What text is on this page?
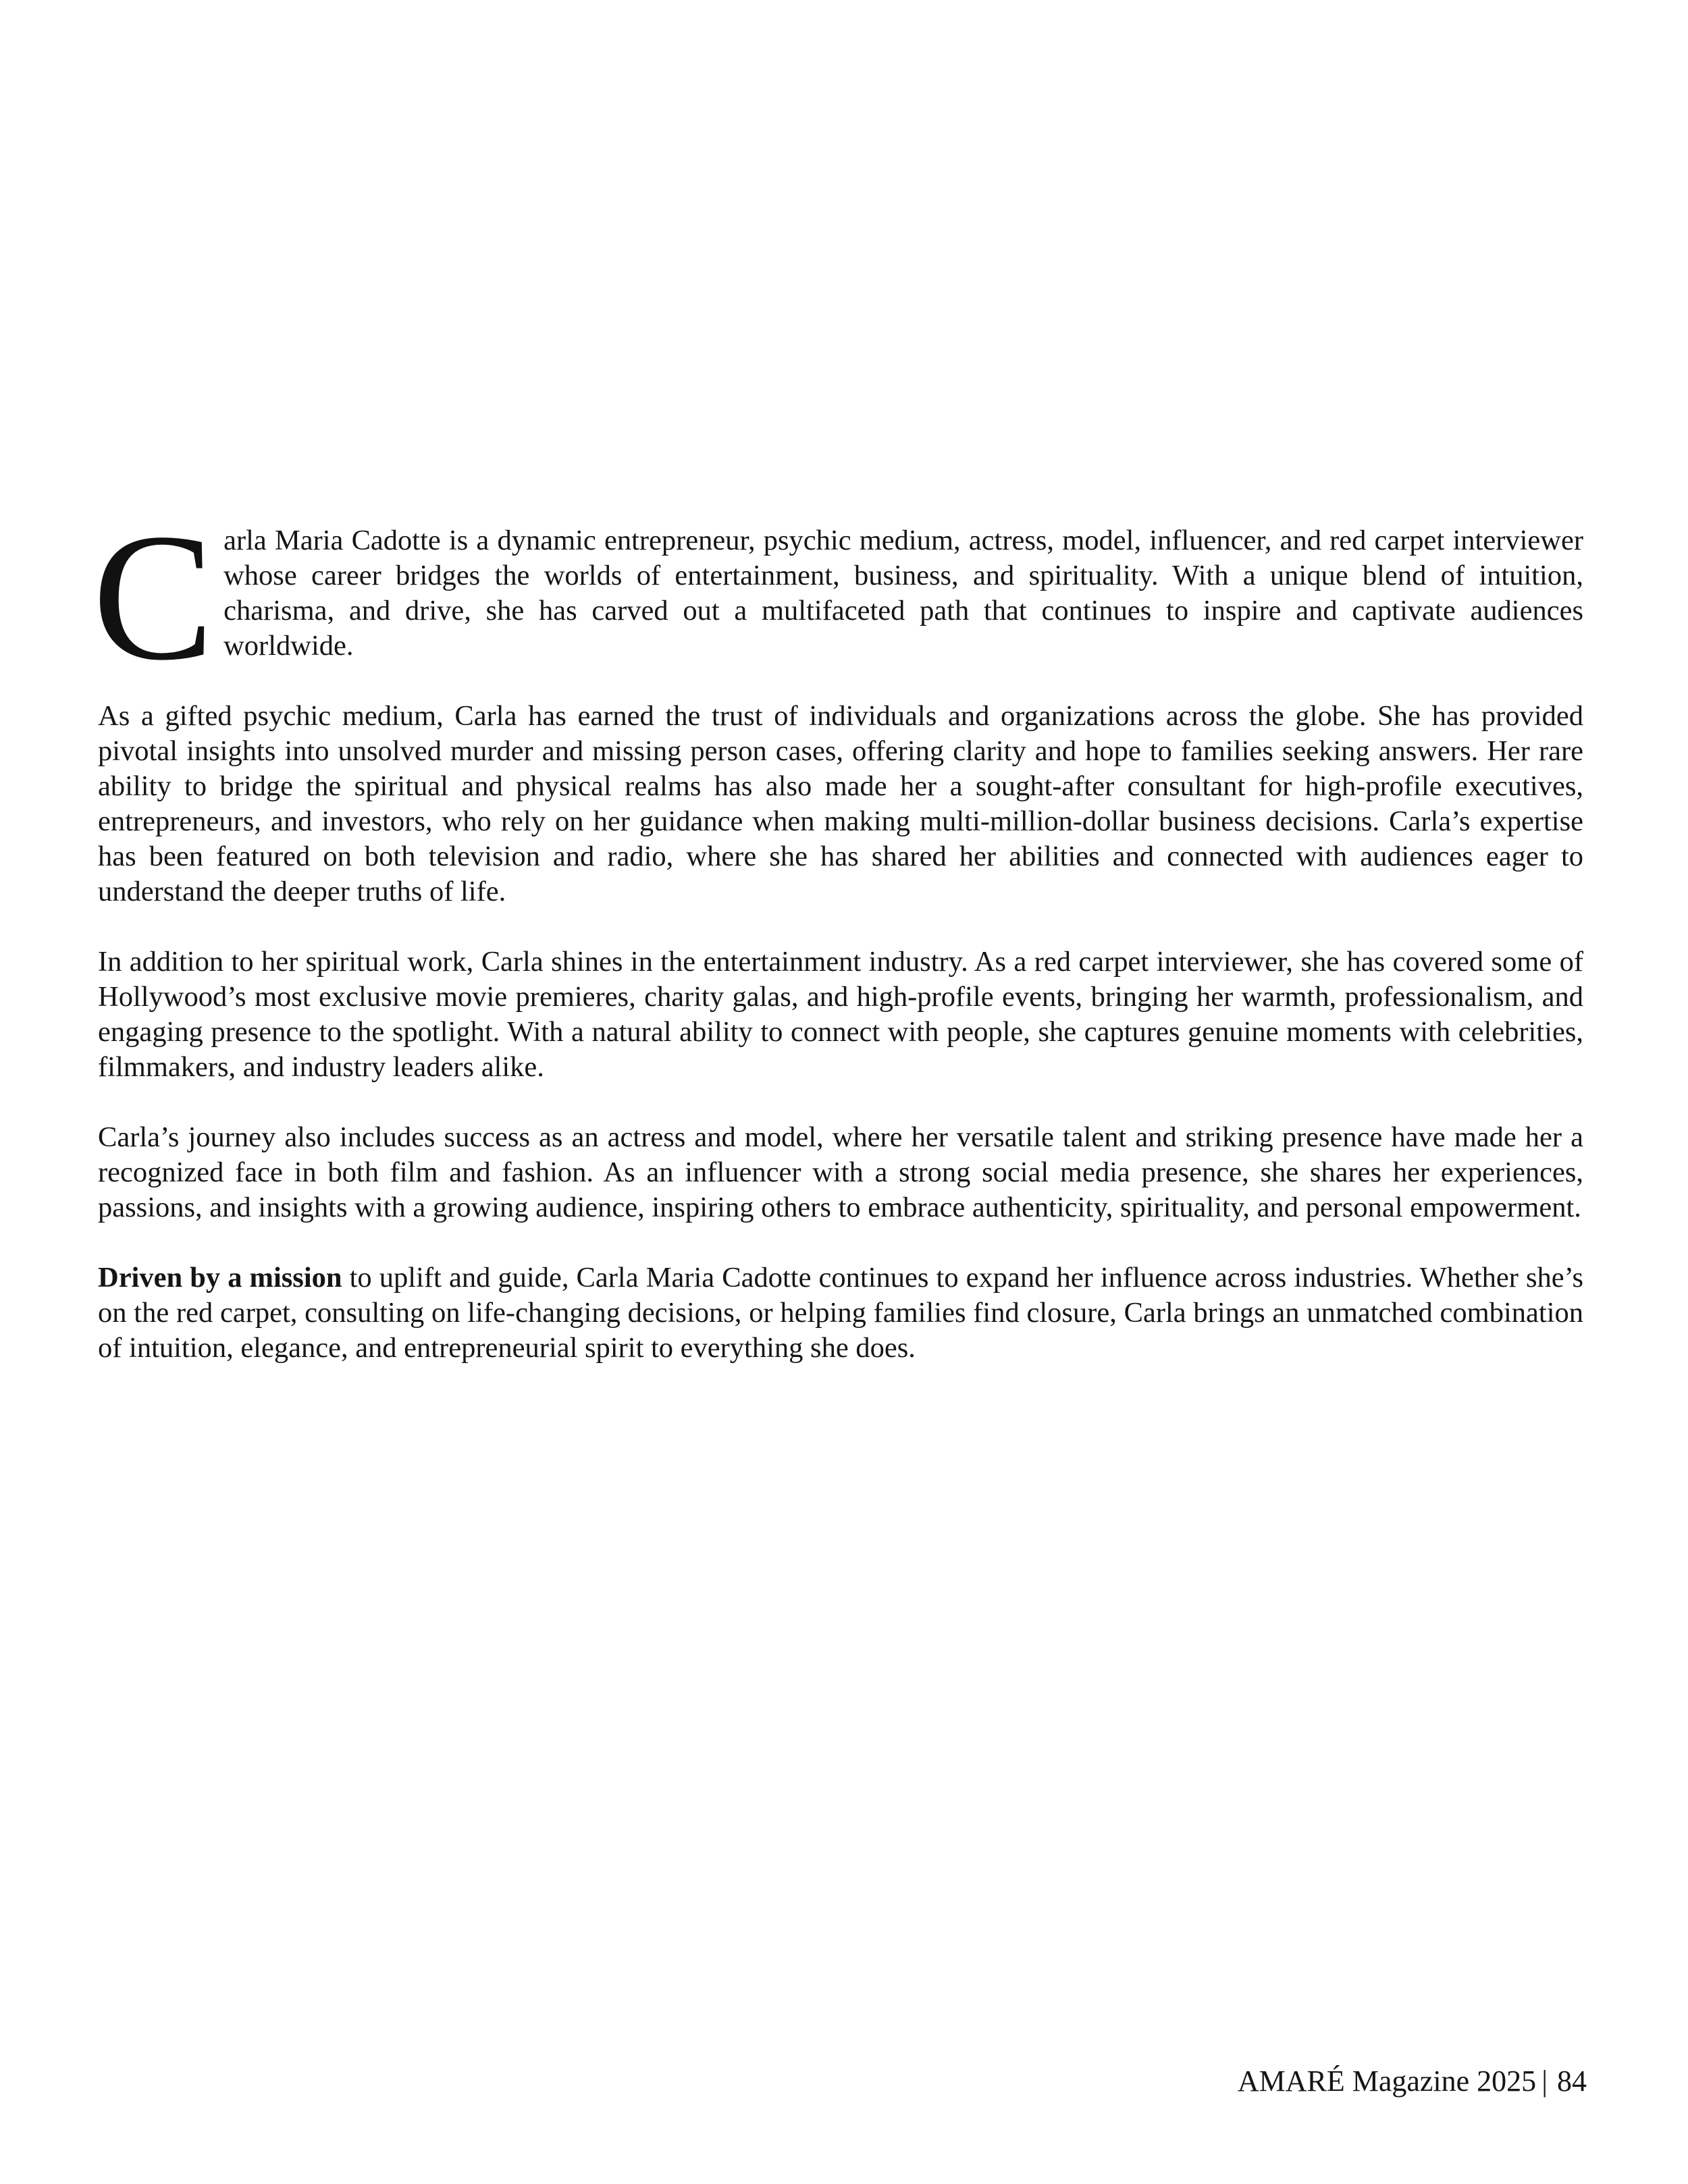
Carla Maria Cadotte is a dynamic entrepreneur, psychic medium, actress, model, influencer, and red carpet interviewer whose career bridges the worlds of entertainment, business, and spirituality. With a unique blend of intuition, charisma, and drive, she has carved out a multifaceted path that continues to inspire and captivate audiences worldwide.

As a gifted psychic medium, Carla has earned the trust of individuals and organizations across the globe. She has provided pivotal insights into unsolved murder and missing person cases, offering clarity and hope to families seeking answers. Her rare ability to bridge the spiritual and physical realms has also made her a sought-after consultant for high-profile executives, entrepreneurs, and investors, who rely on her guidance when making multi-million-dollar business decisions. Carla’s expertise has been featured on both television and radio, where she has shared her abilities and connected with audiences eager to understand the deeper truths of life.

In addition to her spiritual work, Carla shines in the entertainment industry. As a red carpet interviewer, she has covered some of Hollywood’s most exclusive movie premieres, charity galas, and high-profile events, bringing her warmth, professionalism, and engaging presence to the spotlight. With a natural ability to connect with people, she captures genuine moments with celebrities, filmmakers, and industry leaders alike.

Carla’s journey also includes success as an actress and model, where her versatile talent and striking presence have made her a recognized face in both film and fashion. As an influencer with a strong social media presence, she shares her experiences, passions, and insights with a growing audience, inspiring others to embrace authenticity, spirituality, and personal empowerment.

Driven by a mission to uplift and guide, Carla Maria Cadotte continues to expand her influence across industries. Whether she’s on the red carpet, consulting on life-changing decisions, or helping families find closure, Carla brings an unmatched combination of intuition, elegance, and entrepreneurial spirit to everything she does.

AMARÉ Magazine 2025 | 84
